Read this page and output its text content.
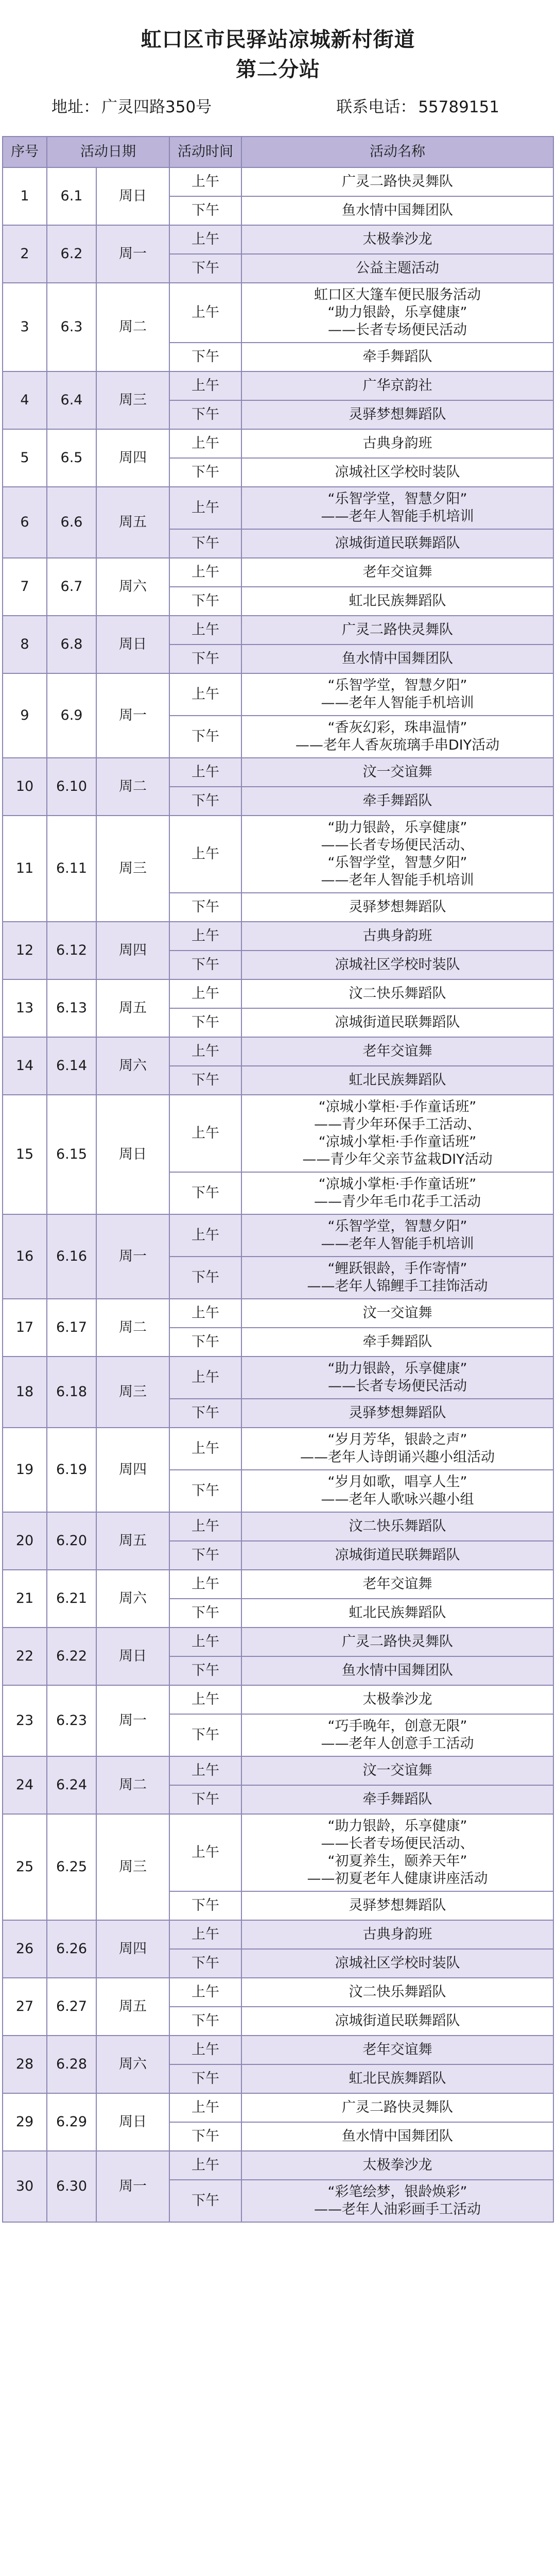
虹口区市民驿站凉城新村街道
第二分站
地址： 广灵四路350号	联系电话： 55789151
序号	活动日期		活动时间	活动名称
1	6.1	周日	上午	广灵二路快灵舞队

			下午	鱼水情中国舞团队

2	6.2	周一	上午	太极拳沙龙

			下午	公益主题活动

3	6.3	周二	上午	虹口区大篷车便民服务活动
“助力银龄，乐享健康”
——长者专场便民活动

			下午	牵手舞蹈队

4	6.4	周三	上午	广华京韵社

			下午	灵驿梦想舞蹈队

5	6.5	周四	上午	古典身韵班

			下午	凉城社区学校时装队

6	6.6	周五	上午	“乐智学堂，智慧夕阳”
——老年人智能手机培训

			下午	凉城街道民联舞蹈队

7	6.7	周六	上午	老年交谊舞

			下午	虹北民族舞蹈队

8	6.8	周日	上午	广灵二路快灵舞队

			下午	鱼水情中国舞团队

9	6.9	周一	上午	“乐智学堂，智慧夕阳”
——老年人智能手机培训

			下午	“香灰幻彩，珠串温情”
——老年人香灰琉璃手串DIY活动

10	6.10	周二	上午	汶一交谊舞

			下午	牵手舞蹈队

11	6.11	周三	上午	“助力银龄，乐享健康”
——长者专场便民活动、
“乐智学堂，智慧夕阳”
——老年人智能手机培训

			下午	灵驿梦想舞蹈队

12	6.12	周四	上午	古典身韵班

			下午	凉城社区学校时装队

13	6.13	周五	上午	汶二快乐舞蹈队

			下午	凉城街道民联舞蹈队

14	6.14	周六	上午	老年交谊舞

			下午	虹北民族舞蹈队

15	6.15	周日	上午	“凉城小掌柜·手作童话班”
——青少年环保手工活动、
“凉城小掌柜·手作童话班”
——青少年父亲节盆栽DIY活动

			下午	“凉城小掌柜·手作童话班”
——青少年毛巾花手工活动

16	6.16	周一	上午	“乐智学堂，智慧夕阳”
——老年人智能手机培训

			下午	“鲤跃银龄，手作寄情”
——老年人锦鲤手工挂饰活动

17	6.17	周二	上午	汶一交谊舞

			下午	牵手舞蹈队

18	6.18	周三	上午	“助力银龄，乐享健康”
——长者专场便民活动

			下午	灵驿梦想舞蹈队

19	6.19	周四	上午	“岁月芳华，银龄之声”
——老年人诗朗诵兴趣小组活动

			下午	“岁月如歌，唱享人生”
——老年人歌咏兴趣小组

20	6.20	周五	上午	汶二快乐舞蹈队

			下午	凉城街道民联舞蹈队

21	6.21	周六	上午	老年交谊舞

			下午	虹北民族舞蹈队

22	6.22	周日	上午	广灵二路快灵舞队

			下午	鱼水情中国舞团队

23	6.23	周一	上午	太极拳沙龙

			下午	“巧手晚年，创意无限”
——老年人创意手工活动

24	6.24	周二	上午	汶一交谊舞

			下午	牵手舞蹈队

25	6.25	周三	上午	“助力银龄，乐享健康”
——长者专场便民活动、
“初夏养生，颐养天年”
——初夏老年人健康讲座活动

			下午	灵驿梦想舞蹈队

26	6.26	周四	上午	古典身韵班

			下午	凉城社区学校时装队

27	6.27	周五	上午	汶二快乐舞蹈队

			下午	凉城街道民联舞蹈队

28	6.28	周六	上午	老年交谊舞

			下午	虹北民族舞蹈队

29	6.29	周日	上午	广灵二路快灵舞队

			下午	鱼水情中国舞团队

30	6.30	周一	上午	太极拳沙龙

			下午	“彩笔绘梦，银龄焕彩”
——老年人油彩画手工活动
